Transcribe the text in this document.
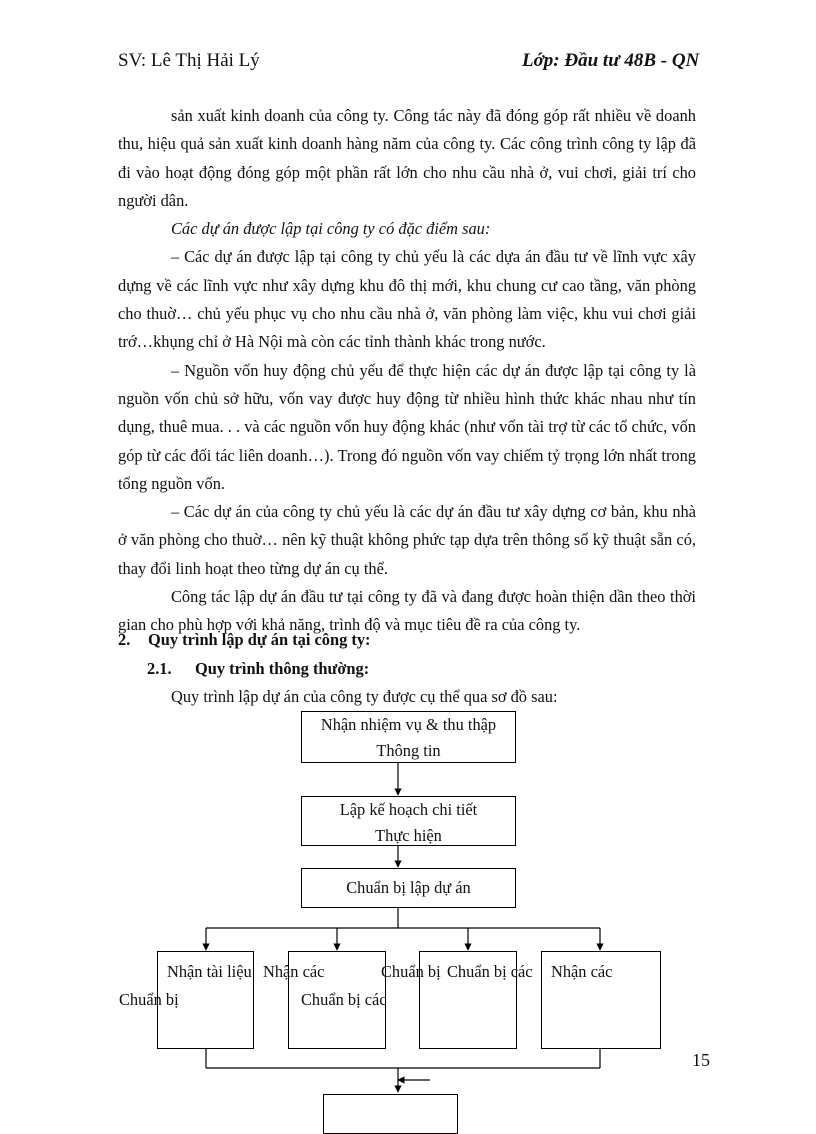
SV: Lê Thị Hải Lý	Lớp: Đầu tư 48B - QN

sản xuất kinh doanh của công ty. Công tác này đã đóng góp rất nhiều về doanh thu, hiệu quả sản xuất kinh doanh hàng năm của công ty. Các công trình công ty lập đã đi vào hoạt động đóng góp một phần rất lớn cho nhu cầu nhà ở, vui chơi, giải trí cho người dân.

Các dự án được lập tại công ty có đặc điểm sau:

– Các dự án được lập tại công ty chủ yếu là các dựa án đầu tư về lĩnh vực xây dựng về các lĩnh vực như xây dựng khu đô thị mới, khu chung cư cao tầng, văn phòng cho thuờ… chủ yếu phục vụ cho nhu cầu nhà ở, văn phòng làm việc, khu vui chơi giải trớ…khụng chỉ ở Hà Nội mà còn các tỉnh thành khác trong nước.

– Nguồn vốn huy động chủ yếu để thực hiện các dự án được lập tại công ty là nguồn vốn chủ sở hữu, vốn vay được huy động từ nhiều hình thức khác nhau như tín dụng, thuê mua. . . và các nguồn vốn huy động khác (như vốn tài trợ từ các tổ chức, vốn góp từ các đối tác liên doanh…). Trong đó nguồn vốn vay chiếm tỷ trọng lớn nhất trong tổng nguồn vốn.

– Các dự án của công ty chủ yếu là các dự án đầu tư xây dựng cơ bản, khu nhà ở văn phòng cho thuờ… nên kỹ thuật không phức tạp dựa trên thông số kỹ thuật sẵn có, thay đổi linh hoạt theo từng dự án cụ thể.

Công tác lập dự án đầu tư tại công ty đã và đang được hoàn thiện dần theo thời gian cho phù hợp với khả năng, trình độ và mục tiêu đề ra của công ty.

2. Quy trình lập dự án tại công ty:
2.1. Quy trình thông thường:
Quy trình lập dự án của công ty được cụ thể qua sơ đồ sau:
Nhận nhiệm vụ & thu thập
Thông tin
Lập kế hoạch chi tiết
Thực hiện
Chuẩn bị lập dự án
Nhận tài liệu Nhận các
Chuẩn bị	Chuẩn bị các
Nhận các
Chuẩn bị Chuẩn bị các
15
